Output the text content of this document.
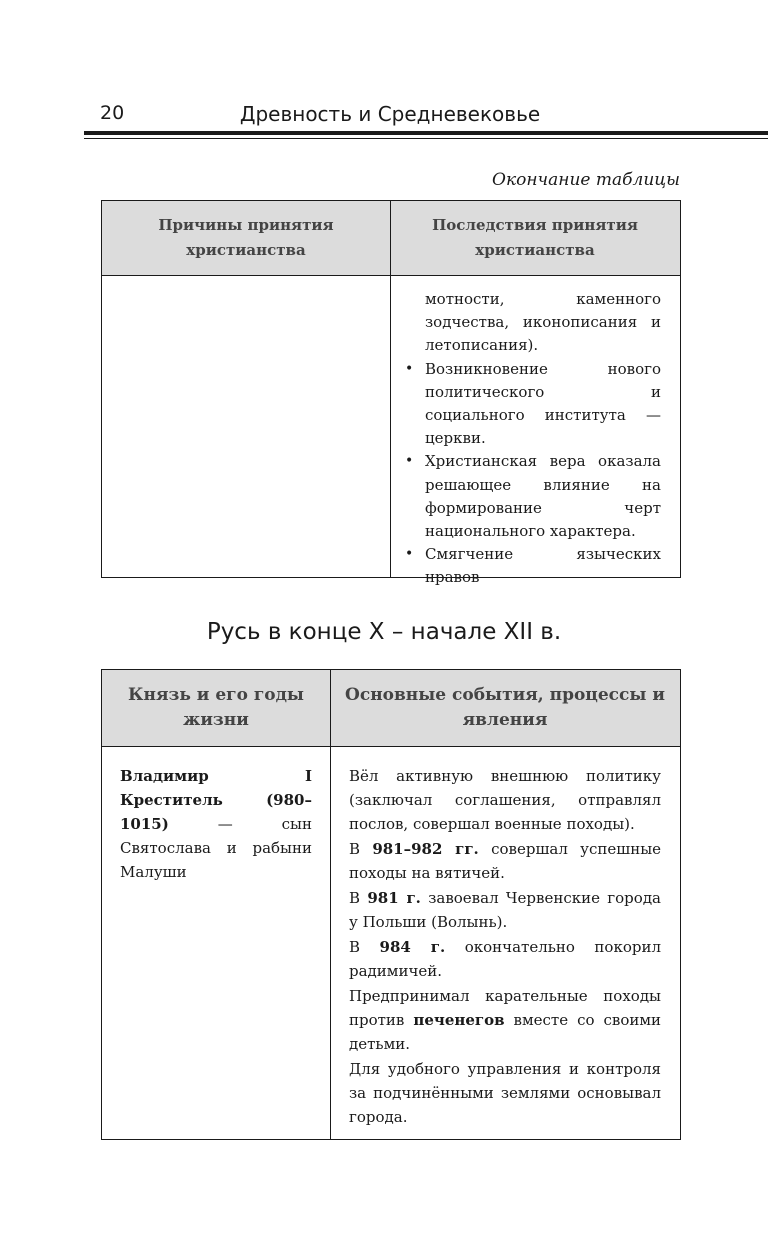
20	Древность и Средневековье
Окончание таблицы
Причины принятия христианства
Последствия принятия христианства
мотности, каменного зодчества, иконописания и летописания).
• Возникновение нового политического и социального института — церкви.
• Христианская вера оказала решающее влияние на формирование черт национального характера.
• Смягчение языческих нравов
Русь в конце X – начале XII в.
Князь и его годы жизни
Основные события, процессы и явления
Владимир I Креститель (980–1015) — сын Святослава и рабыни Малуши

Вёл активную внешнюю политику (заключал соглашения, отправлял послов, совершал военные походы).

В 981–982 гг. совершал успешные походы на вятичей.

В 981 г. завоевал Червенские города у Польши (Волынь).

В 984 г. окончательно покорил радимичей.

Предпринимал карательные походы против печенегов вместе со своими детьми.

Для удобного управления и контроля за подчинёнными землями основывал города.
